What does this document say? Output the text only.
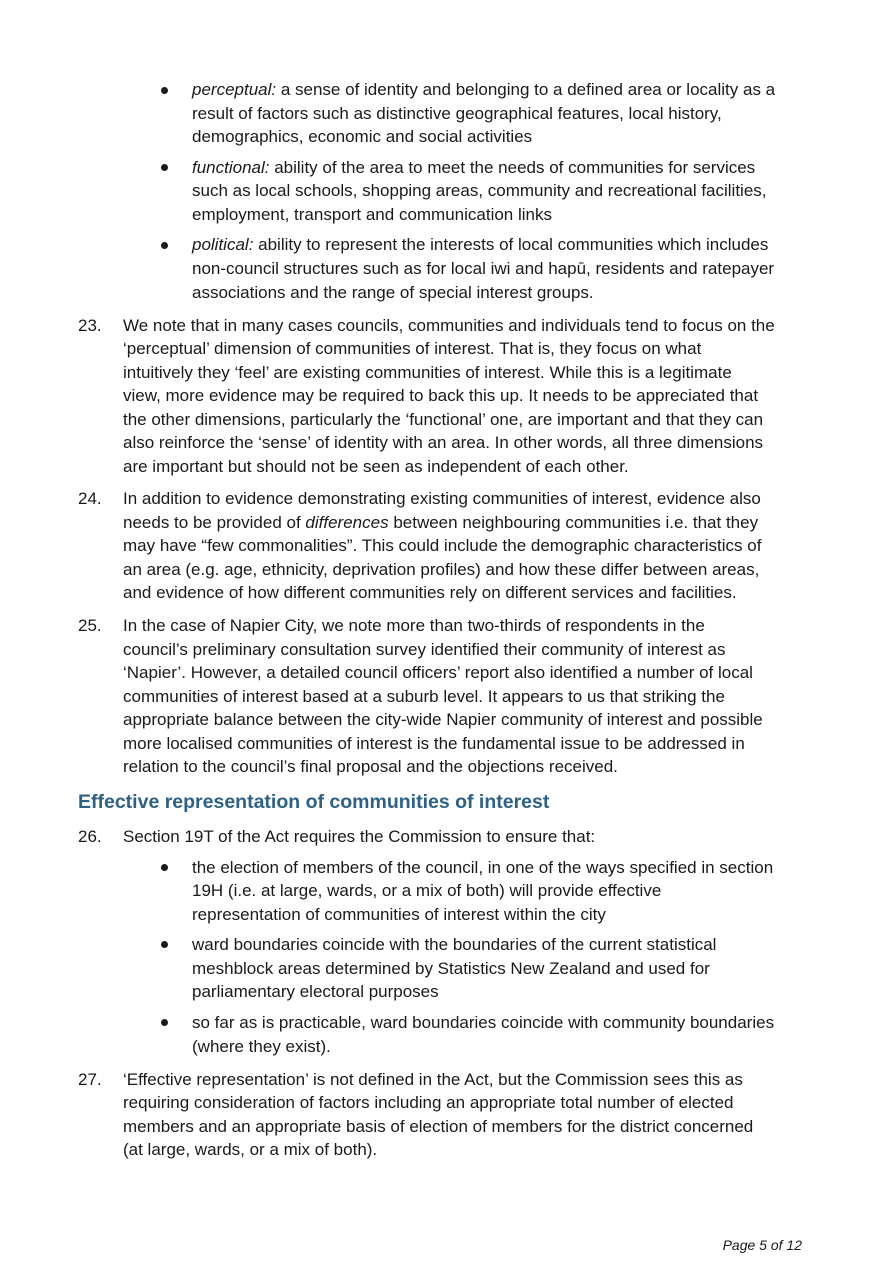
perceptual: a sense of identity and belonging to a defined area or locality as a
result of factors such as distinctive geographical features, local history,
demographics, economic and social activities
functional: ability of the area to meet the needs of communities for services
such as local schools, shopping areas, community and recreational facilities,
employment, transport and communication links
political: ability to represent the interests of local communities which includes
non-council structures such as for local iwi and hapū, residents and ratepayer
associations and the range of special interest groups.
23. We note that in many cases councils, communities and individuals tend to focus on the
‘perceptual’ dimension of communities of interest. That is, they focus on what
intuitively they ‘feel’ are existing communities of interest. While this is a legitimate
view, more evidence may be required to back this up. It needs to be appreciated that
the other dimensions, particularly the ‘functional’ one, are important and that they can
also reinforce the ‘sense’ of identity with an area. In other words, all three dimensions
are important but should not be seen as independent of each other.
24. In addition to evidence demonstrating existing communities of interest, evidence also
needs to be provided of differences between neighbouring communities i.e. that they
may have “few commonalities”. This could include the demographic characteristics of
an area (e.g. age, ethnicity, deprivation profiles) and how these differ between areas,
and evidence of how different communities rely on different services and facilities.
25. In the case of Napier City, we note more than two-thirds of respondents in the
council’s preliminary consultation survey identified their community of interest as
‘Napier’. However, a detailed council officers’ report also identified a number of local
communities of interest based at a suburb level. It appears to us that striking the
appropriate balance between the city-wide Napier community of interest and possible
more localised communities of interest is the fundamental issue to be addressed in
relation to the council’s final proposal and the objections received.
Effective representation of communities of interest
26. Section 19T of the Act requires the Commission to ensure that:
the election of members of the council, in one of the ways specified in section
19H (i.e. at large, wards, or a mix of both) will provide effective
representation of communities of interest within the city
ward boundaries coincide with the boundaries of the current statistical
meshblock areas determined by Statistics New Zealand and used for
parliamentary electoral purposes
so far as is practicable, ward boundaries coincide with community boundaries
(where they exist).
27. ‘Effective representation’ is not defined in the Act, but the Commission sees this as
requiring consideration of factors including an appropriate total number of elected
members and an appropriate basis of election of members for the district concerned
(at large, wards, or a mix of both).
Page 5 of 12
